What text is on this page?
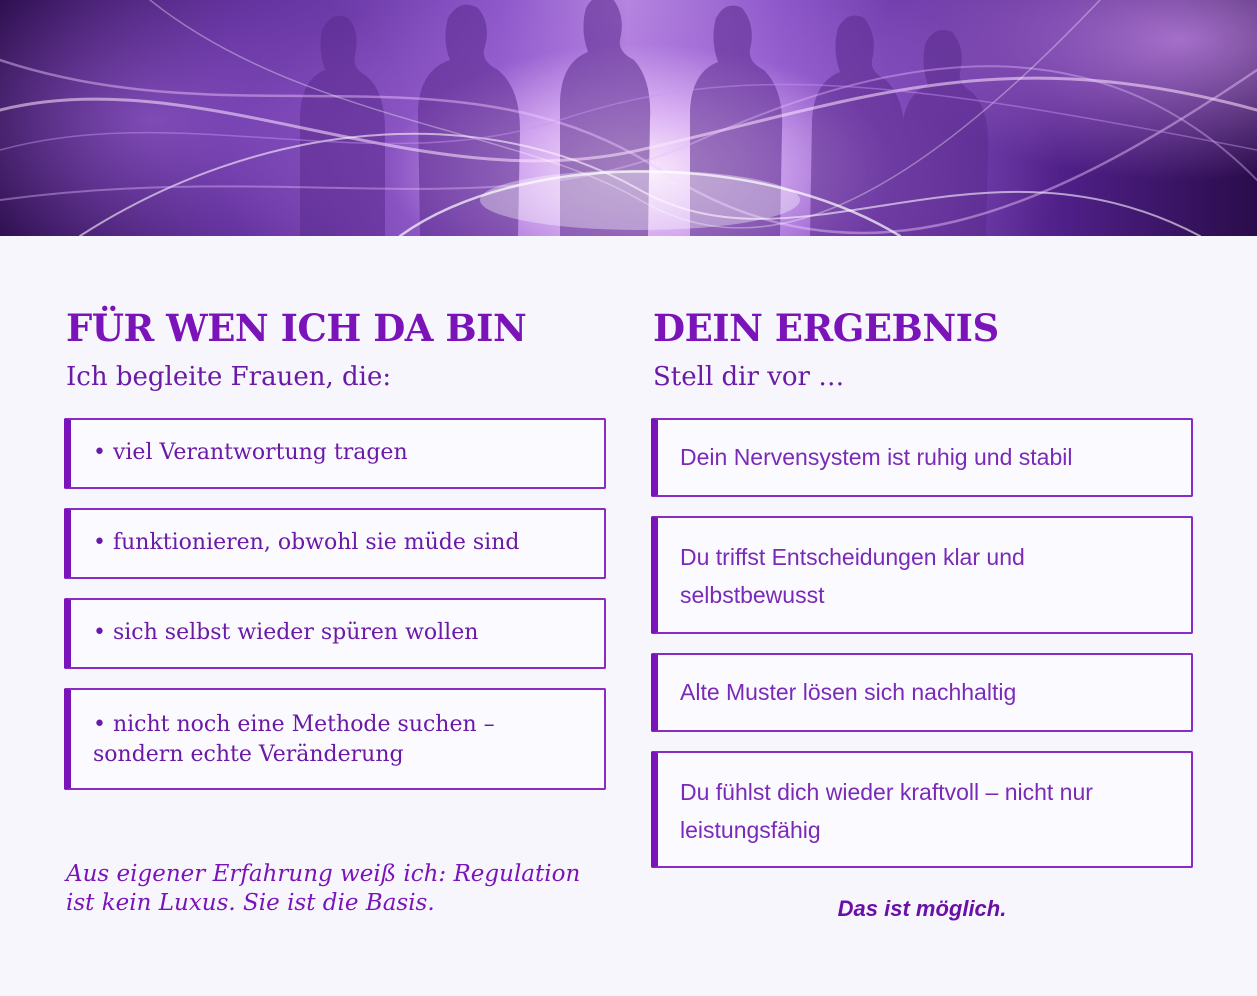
FÜR WEN ICH DA BIN
Ich begleite Frauen, die:
• viel Verantwortung tragen
• funktionieren, obwohl sie müde sind
• sich selbst wieder spüren wollen
• nicht noch eine Methode suchen – sondern echte Veränderung

Aus eigener Erfahrung weiß ich: Regulation
ist kein Luxus. Sie ist die Basis.

DEIN ERGEBNIS
Stell dir vor …
Dein Nervensystem ist ruhig und stabil
Du triffst Entscheidungen klar und selbstbewusst
Alte Muster lösen sich nachhaltig
Du fühlst dich wieder kraftvoll – nicht nur leistungsfähig

Das ist möglich.
